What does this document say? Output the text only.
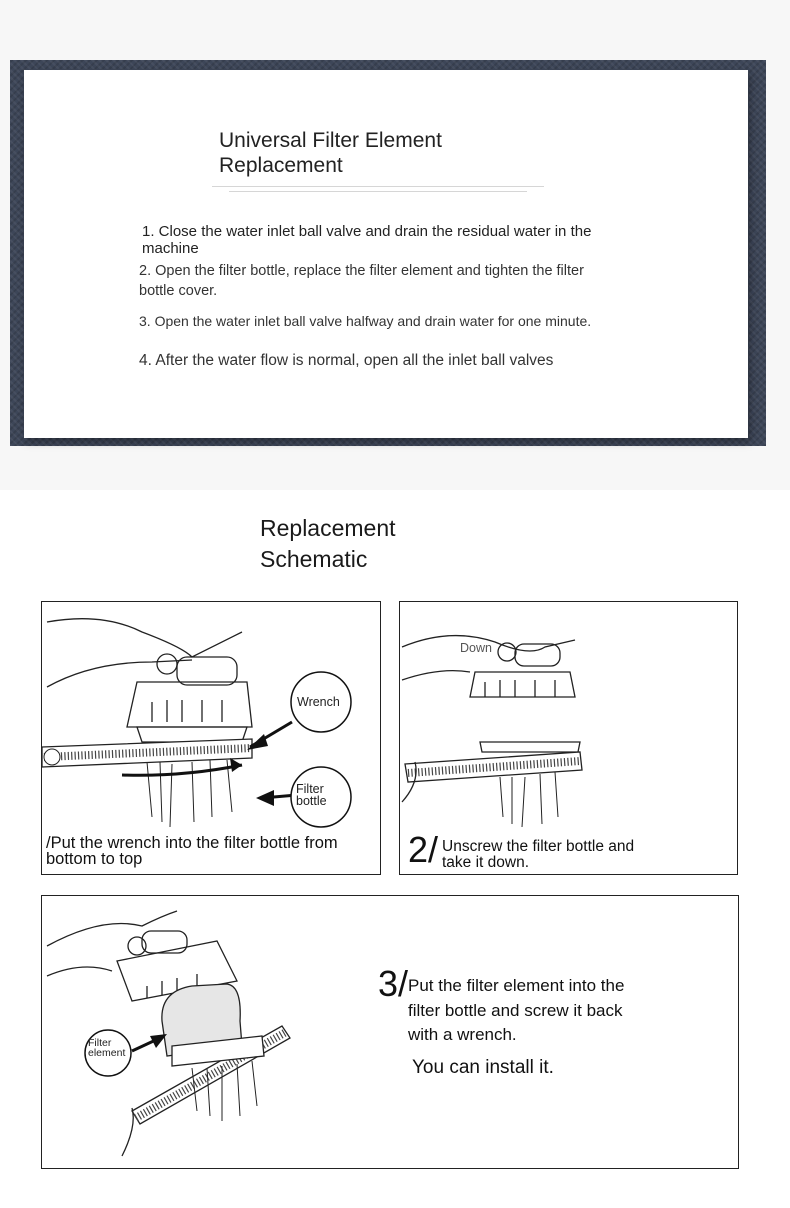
Universal Filter Element Replacement
1. Close the water inlet ball valve and drain the residual water in the machine
2. Open the filter bottle, replace the filter element and tighten the filter bottle cover.
3. Open the water inlet ball valve halfway and drain water for one minute.
4. After the water flow is normal, open all the inlet ball valves
Replacement
Schematic
Wrench
Filter bottle
/Put the wrench into the filter bottle from bottom to top
Down
2/ Unscrew the filter bottle and take it down.
Filter element
3/ Put the filter element into the filter bottle and screw it back with a wrench.
You can install it.
